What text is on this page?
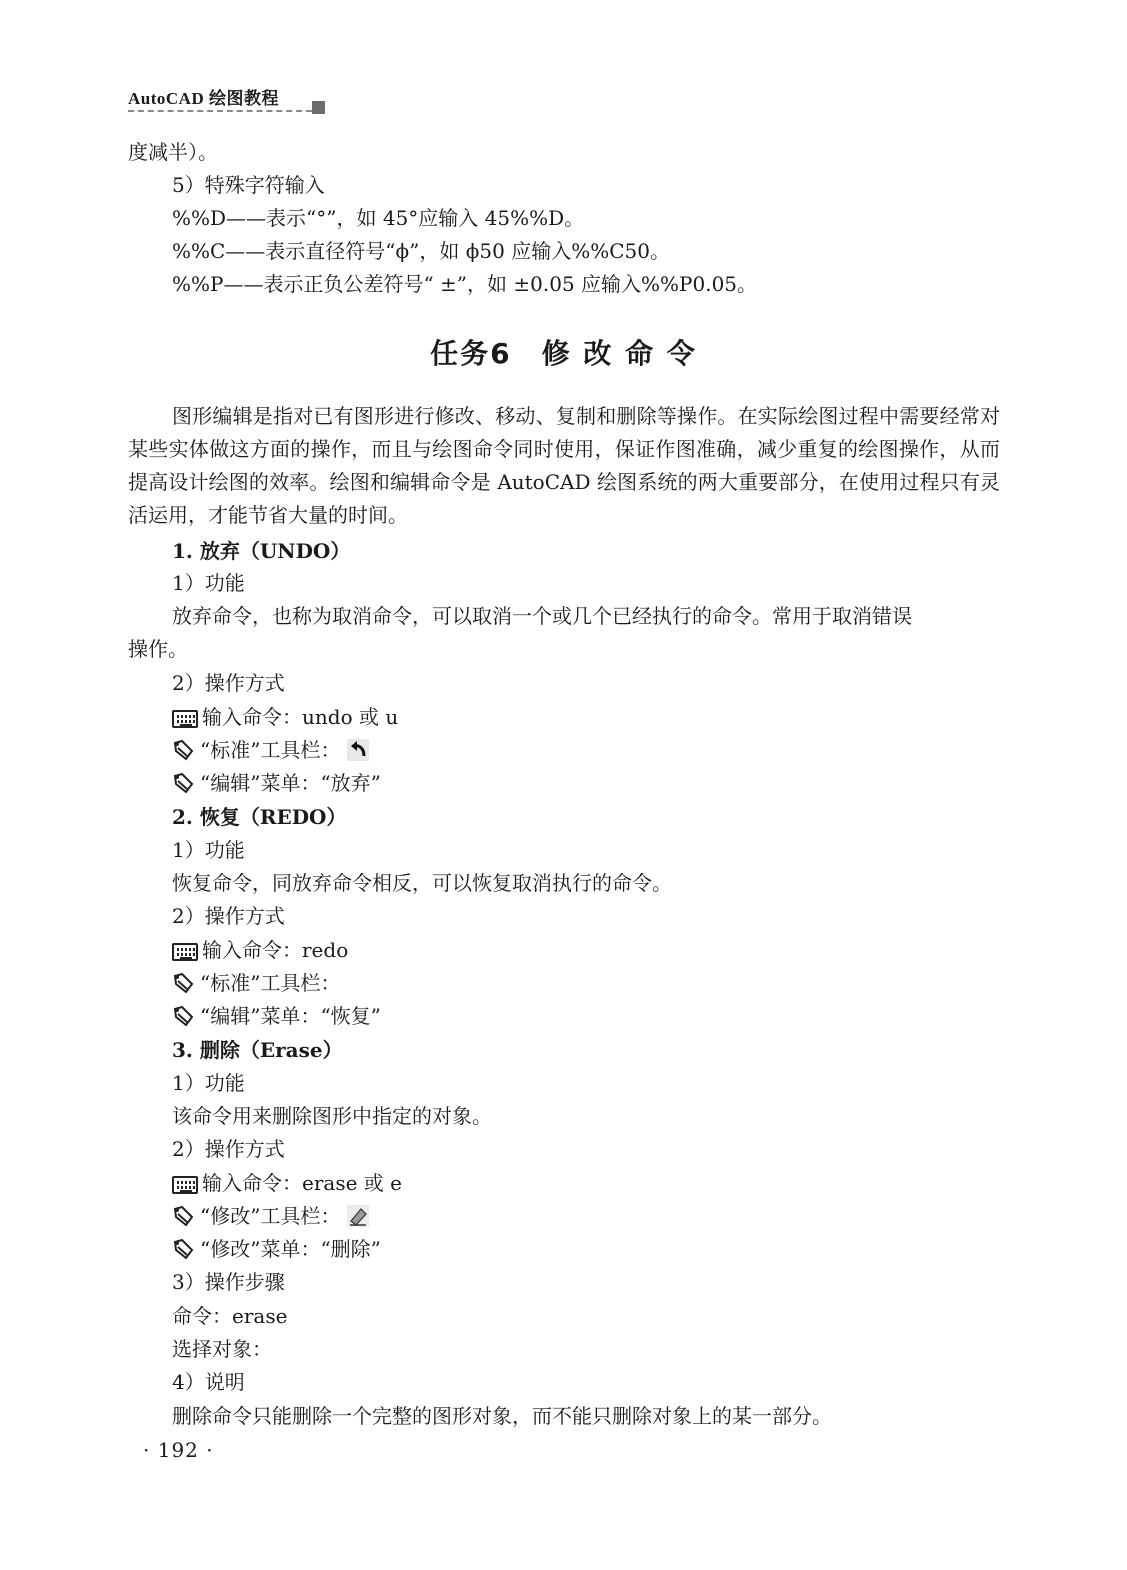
AutoCAD 绘图教程
度减半）。
5）特殊字符输入
%%D——表示“°”，如 45°应输入 45%%D。
%%C——表示直径符号“ϕ”，如 ϕ50 应输入%%C50。
%%P——表示正负公差符号“ ±”，如 ±0.05 应输入%%P0.05。
任务6　修 改 命 令
图形编辑是指对已有图形进行修改、移动、复制和删除等操作。在实际绘图过程中需要经常对某些实体做这方面的操作，而且与绘图命令同时使用，保证作图准确，减少重复的绘图操作，从而提高设计绘图的效率。绘图和编辑命令是 AutoCAD 绘图系统的两大重要部分，在使用过程只有灵活运用，才能节省大量的时间。
1. 放弃（UNDO）
1）功能
放弃命令，也称为取消命令，可以取消一个或几个已经执行的命令。常用于取消错误
操作。
2）操作方式
输入命令：undo 或 u
“标准”工具栏：
“编辑”菜单：“放弃”
2. 恢复（REDO）
1）功能
恢复命令，同放弃命令相反，可以恢复取消执行的命令。
2）操作方式
输入命令：redo
“标准”工具栏：
“编辑”菜单：“恢复”
3. 删除（Erase）
1）功能
该命令用来删除图形中指定的对象。
2）操作方式
输入命令：erase 或 e
“修改”工具栏：
“修改”菜单：“删除”
3）操作步骤
命令：erase
选择对象：
4）说明
删除命令只能删除一个完整的图形对象，而不能只删除对象上的某一部分。
· 192 ·
